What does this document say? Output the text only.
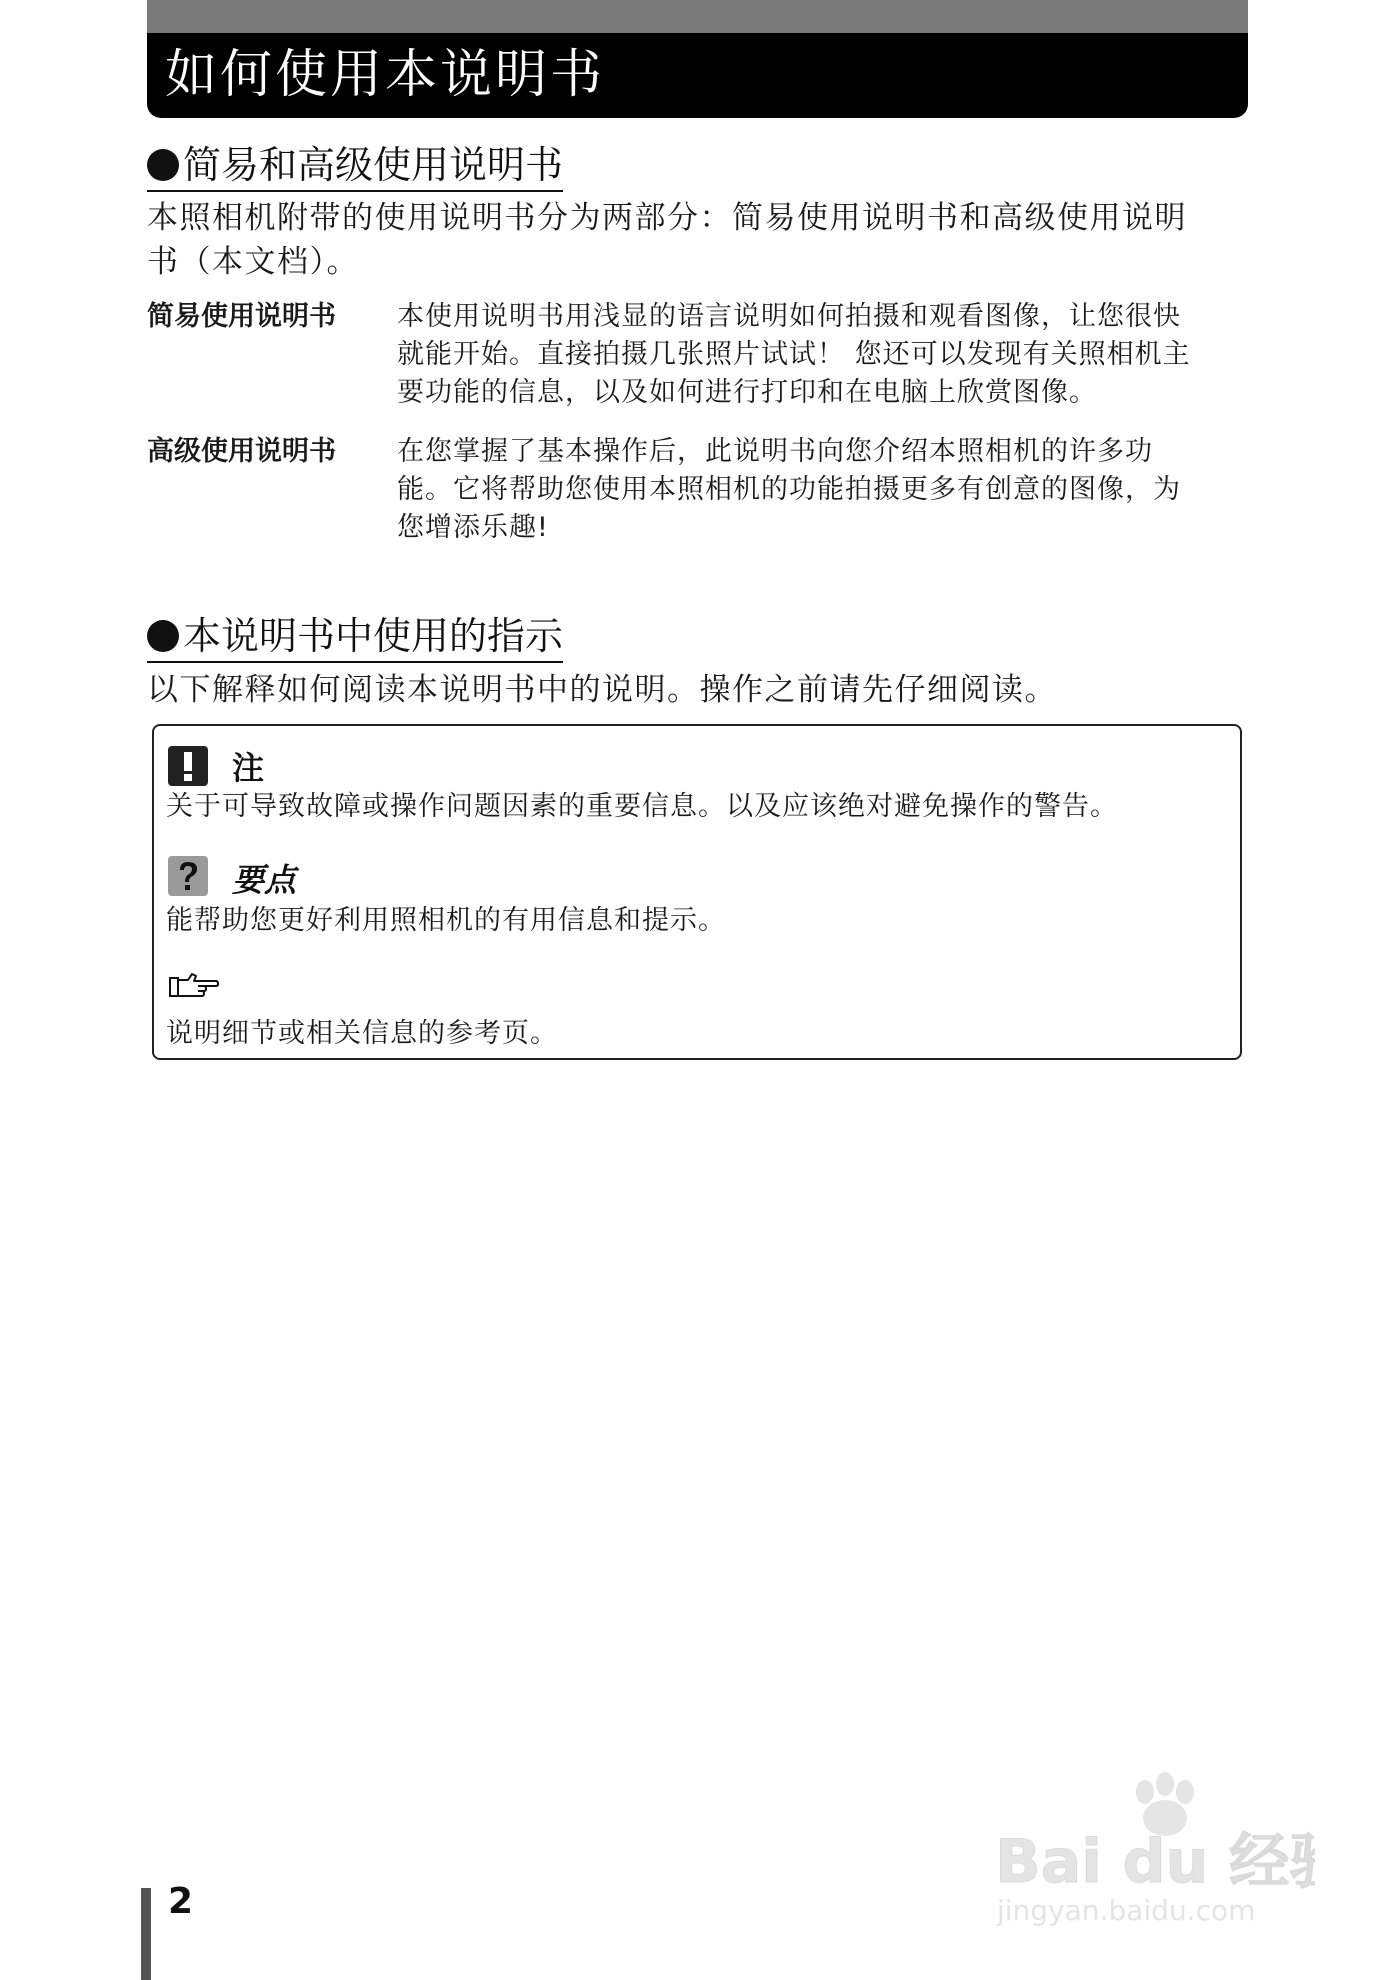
如何使用本说明书
简易和高级使用说明书
本照相机附带的使用说明书分为两部分：简易使用说明书和高级使用说明
书（本文档）。
简易使用说明书 本使用说明书用浅显的语言说明如何拍摄和观看图像，让您很快
就能开始。直接拍摄几张照片试试！ 您还可以发现有关照相机主
要功能的信息，以及如何进行打印和在电脑上欣赏图像。
高级使用说明书 在您掌握了基本操作后，此说明书向您介绍本照相机的许多功
能。它将帮助您使用本照相机的功能拍摄更多有创意的图像，为
您增添乐趣!
本说明书中使用的指示
以下解释如何阅读本说明书中的说明。操作之前请先仔细阅读。
注
关于可导致故障或操作问题因素的重要信息。以及应该绝对避免操作的警告。
要点
能帮助您更好利用照相机的有用信息和提示。
说明细节或相关信息的参考页。
2
Bai du 经验
jingyan.baidu.com
